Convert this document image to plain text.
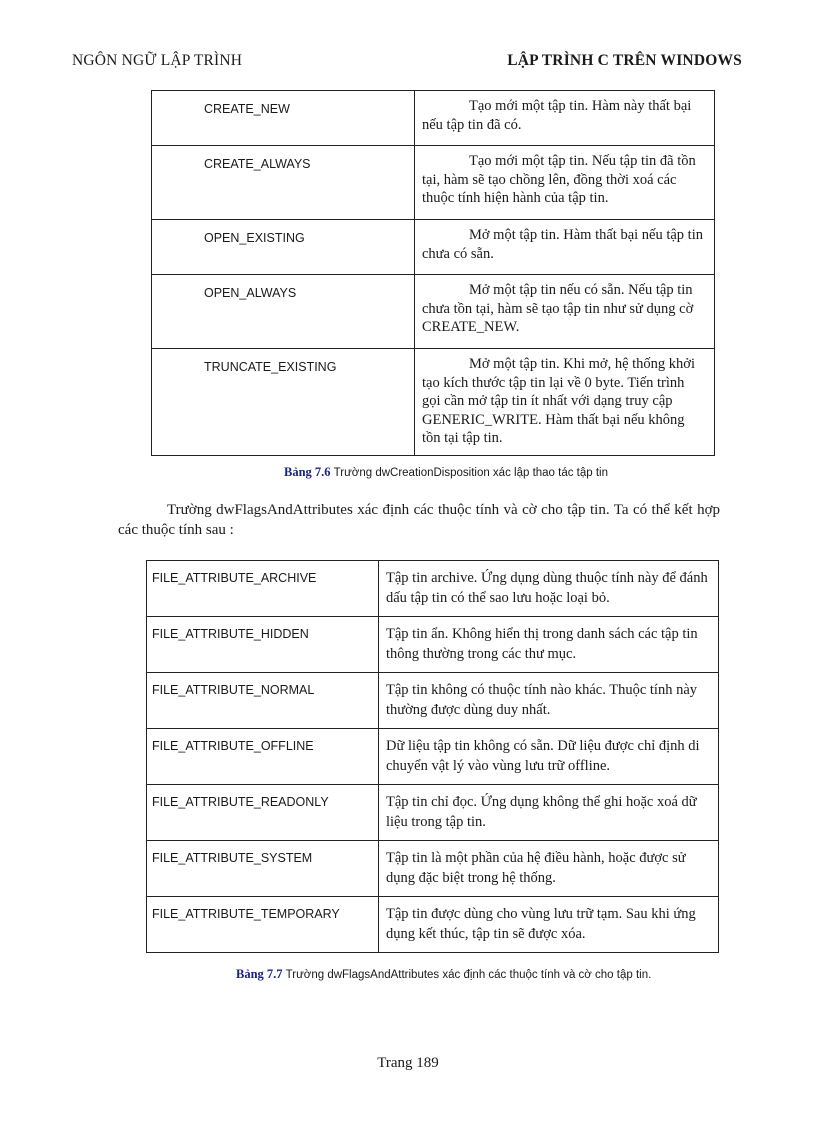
NGÔN NGỮ LẬP TRÌNH	LẬP TRÌNH C TRÊN WINDOWS
CREATE_NEW	Tạo mới một tập tin. Hàm này thất bại nếu tập tin đã có.
CREATE_ALWAYS	Tạo mới một tập tin. Nếu tập tin đã tồn tại, hàm sẽ tạo chồng lên, đồng thời xoá các thuộc tính hiện hành của tập tin.
OPEN_EXISTING	Mở một tập tin. Hàm thất bại nếu tập tin chưa có sẵn.
OPEN_ALWAYS	Mở một tập tin nếu có sẵn. Nếu tập tin chưa tồn tại, hàm sẽ tạo tập tin như sử dụng cờ CREATE_NEW.
TRUNCATE_EXISTING	Mở một tập tin. Khi mở, hệ thống khởi tạo kích thước tập tin lại về 0 byte. Tiến trình gọi cần mở tập tin ít nhất với dạng truy cập GENERIC_WRITE. Hàm thất bại nếu không tồn tại tập tin.
Bảng 7.6 Trường dwCreationDisposition xác lập thao tác tập tin
Trường dwFlagsAndAttributes xác định các thuộc tính và cờ cho tập tin. Ta có thể kết hợp các thuộc tính sau :
FILE_ATTRIBUTE_ARCHIVE	Tập tin archive. Ứng dụng dùng thuộc tính này để đánh dấu tập tin có thể sao lưu hoặc loại bỏ.
FILE_ATTRIBUTE_HIDDEN	Tập tin ẩn. Không hiển thị trong danh sách các tập tin thông thường trong các thư mục.
FILE_ATTRIBUTE_NORMAL	Tập tin không có thuộc tính nào khác. Thuộc tính này thường được dùng duy nhất.
FILE_ATTRIBUTE_OFFLINE	Dữ liệu tập tin không có sẵn. Dữ liệu được chỉ định di chuyển vật lý vào vùng lưu trữ offline.
FILE_ATTRIBUTE_READONLY	Tập tin chỉ đọc. Ứng dụng không thể ghi hoặc xoá dữ liệu trong tập tin.
FILE_ATTRIBUTE_SYSTEM	Tập tin là một phần của hệ điều hành, hoặc được sử dụng đặc biệt trong hệ thống.
FILE_ATTRIBUTE_TEMPORARY	Tập tin được dùng cho vùng lưu trữ tạm. Sau khi ứng dụng kết thúc, tập tin sẽ được xóa.
Bảng 7.7 Trường dwFlagsAndAttributes xác định các thuộc tính và cờ cho tập tin.
Trang 189
